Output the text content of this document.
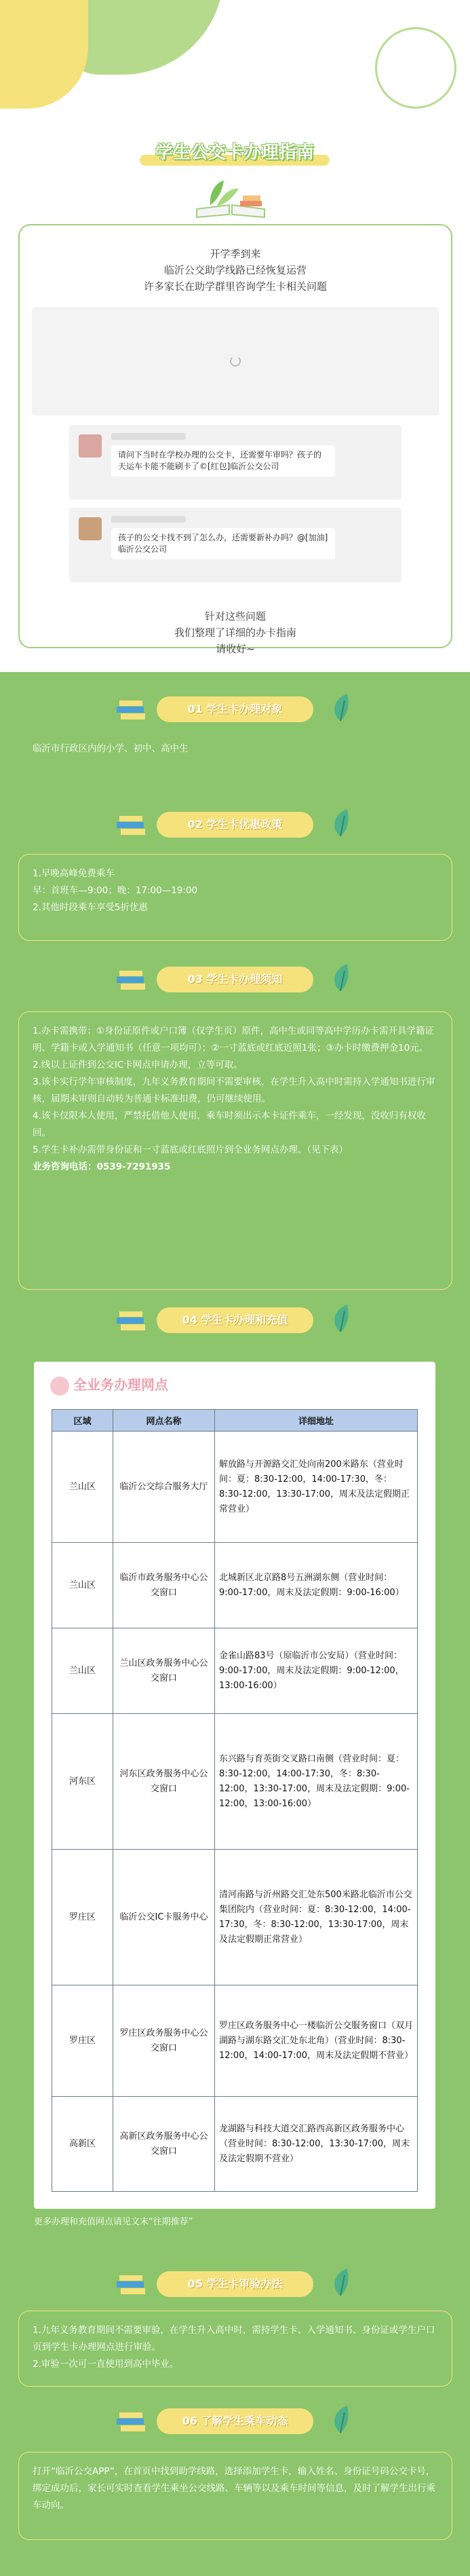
学生公交卡办理指南
开学季到来
临沂公交助学线路已经恢复运营
许多家长在助学群里咨询学生卡相关问题
请问下当时在学校办理的公交卡，还需要年审吗？孩子的天运车卡能不能刷卡了©[红包]临沂公交公司
孩子的公交卡找不到了怎么办，还需要新补办吗？@[加油]临沂公交公司
针对这些问题
我们整理了详细的办卡指南
请收好~
01 学生卡办理对象

临沂市行政区内的小学、初中、高中生

02 学生卡优惠政策

1.早晚高峰免费乘车

早：首班车—9:00；晚：17:00—19:00

2.其他时段乘车享受5折优惠

03 学生卡办理须知

1.办卡需携带：①身份证原件或户口簿（仅学生页）原件，高中生或同等高中学历办卡需开具学籍证明、学籍卡或入学通知书（任意一项均可）；②一寸蓝底或红底近照1张；③办卡时缴费押金10元。

2.线以上证件到公交IC卡网点申请办理，立等可取。

3.该卡实行学年审核制度，九年义务教育期间不需要审核，在学生升入高中时需持入学通知书进行审核，届期未审则自动转为普通卡标准扣费，仍可继续使用。

4.该卡仅限本人使用，严禁托借他人使用，乘车时须出示本卡证件乘车，一经发现，没收归有权收回。

5.学生卡补办需带身份证和一寸蓝底或红底照片到全业务网点办理。（见下表）

业务咨询电话：0539-7291935

04 学生卡办理和充值
全业务办理网点
区域	网点名称	详细地址
兰山区	临沂公交综合服务大厅	解放路与开源路交汇处向南200米路东（营业时间：夏：8:30-12:00，14:00-17:30，冬：8:30-12:00，13:30-17:00，周末及法定假期正常营业）
兰山区	临沂市政务服务中心公交窗口	北城新区北京路8号五洲湖东侧（营业时间：9:00-17:00，周末及法定假期：9:00-16:00）
兰山区	兰山区政务服务中心公交窗口	金雀山路83号（原临沂市公安局）（营业时间：9:00-17:00，周末及法定假期：9:00-12:00，13:00-16:00）
河东区	河东区政务服务中心公交窗口	东兴路与育英街交叉路口南侧（营业时间：夏：8:30-12:00，14:00-17:30，冬：8:30-12:00，13:30-17:00，周末及法定假期：9:00-12:00，13:00-16:00）
罗庄区	临沂公交IC卡服务中心	清河南路与沂州路交汇处东500米路北临沂市公交集团院内（营业时间：夏：8:30-12:00，14:00-17:30，冬：8:30-12:00，13:30-17:00，周末及法定假期正常营业）
罗庄区	罗庄区政务服务中心公交窗口	罗庄区政务服务中心一楼临沂公交服务窗口（双月湖路与湖东路交汇处东北角）（营业时间：8:30-12:00，14:00-17:00，周末及法定假期不营业）
高新区	高新区政务服务中心公交窗口	龙湖路与科技大道交汇路西高新区政务服务中心（营业时间：8:30-12:00，13:30-17:00，周末及法定假期不营业）
更多办理和充值网点请见文末“往期推荐”
05 学生卡审验办法

1.九年义务教育期间不需要审验，在学生升入高中时，需持学生卡、入学通知书、身份证或学生户口页到学生卡办理网点进行审验。

2.审验一次可一直使用到高中毕业。

06 了解学生乘车动态

打开“临沂公交APP”，在首页中找到助学线路，选择添加学生卡，输入姓名、身份证号码公交卡号，绑定成功后，家长可实时查看学生乘坐公交线路、车辆等以及乘车时间等信息，及时了解学生出行乘车动向。
